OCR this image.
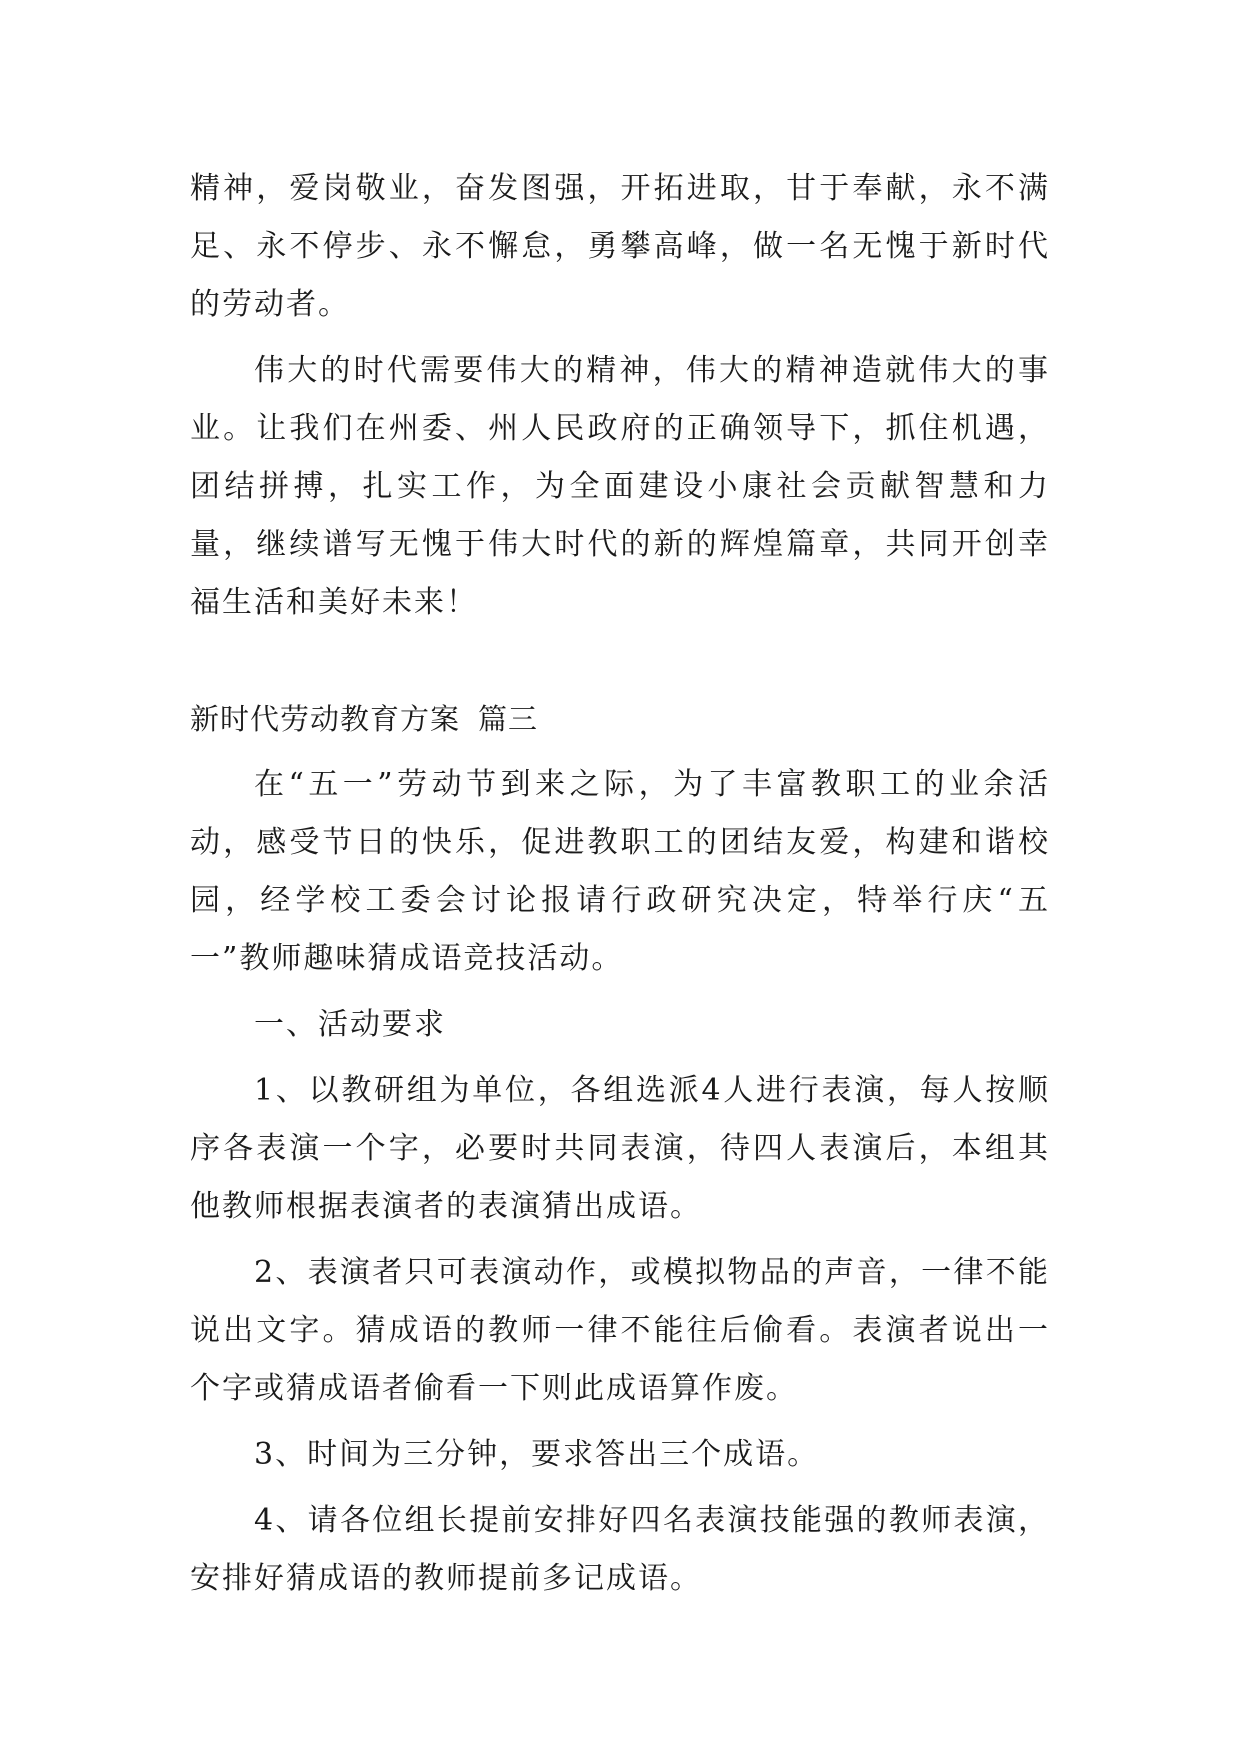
精神，爱岗敬业，奋发图强，开拓进取，甘于奉献，永不满足、永不停步、永不懈怠，勇攀高峰，做一名无愧于新时代的劳动者。

伟大的时代需要伟大的精神，伟大的精神造就伟大的事业。让我们在州委、州人民政府的正确领导下，抓住机遇，团结拼搏，扎实工作，为全面建设小康社会贡献智慧和力量，继续谱写无愧于伟大时代的新的辉煌篇章，共同开创幸福生活和美好未来！

新时代劳动教育方案 篇三

在“五一”劳动节到来之际，为了丰富教职工的业余活动，感受节日的快乐，促进教职工的团结友爱，构建和谐校园，经学校工委会讨论报请行政研究决定，特举行庆“五一”教师趣味猜成语竞技活动。

一、活动要求

1、以教研组为单位，各组选派4人进行表演，每人按顺序各表演一个字，必要时共同表演，待四人表演后，本组其他教师根据表演者的表演猜出成语。

2、表演者只可表演动作，或模拟物品的声音，一律不能说出文字。猜成语的教师一律不能往后偷看。表演者说出一个字或猜成语者偷看一下则此成语算作废。

3、时间为三分钟，要求答出三个成语。

4、请各位组长提前安排好四名表演技能强的教师表演，安排好猜成语的教师提前多记成语。
